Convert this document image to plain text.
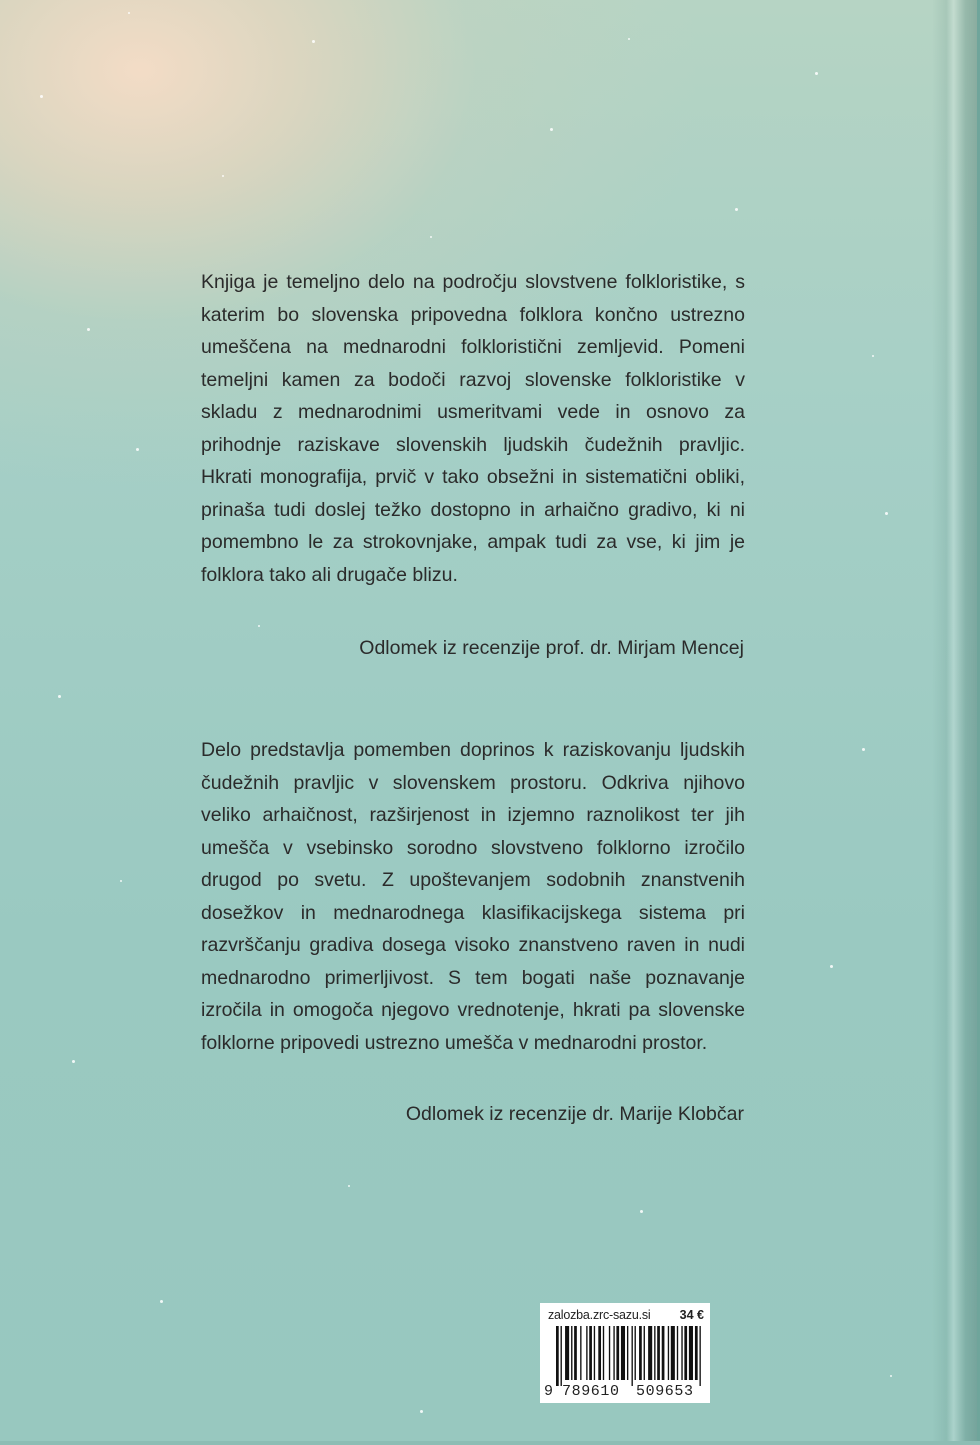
Knjiga je temeljno delo na področju slovstvene folkloristike, s katerim bo slovenska pripovedna folklora končno ustrezno umeščena na mednarodni folkloristični zemljevid. Pomeni temeljni kamen za bodoči razvoj slovenske folkloristike v skladu z mednarodnimi usmeritvami vede in osnovo za prihodnje raziskave slovenskih ljudskih čudežnih pravljic. Hkrati monografija, prvič v tako obsežni in sistematični obliki, prinaša tudi doslej težko dostopno in arhaično gradivo, ki ni pomembno le za strokovnjake, ampak tudi za vse, ki jim je folklora tako ali drugače blizu.

Odlomek iz recenzije prof. dr. Mirjam Mencej

Delo predstavlja pomemben doprinos k raziskovanju ljudskih čudežnih pravljic v slovenskem prostoru. Odkriva njihovo veliko arhaičnost, razširjenost in izjemno raznolikost ter jih umešča v vsebinsko sorodno slovstveno folklorno izročilo drugod po svetu. Z upoštevanjem sodobnih znanstvenih dosežkov in mednarodnega klasifikacijskega sistema pri razvrščanju gradiva dosega visoko znanstveno raven in nudi mednarodno primerljivost. S tem bogati naše poznavanje izročila in omogoča njegovo vrednotenje, hkrati pa slovenske folklorne pripovedi ustrezno umešča v mednarodni prostor.

Odlomek iz recenzije dr. Marije Klobčar

zalozba.zrc-sazu.si 34 €
9 789610 509653
